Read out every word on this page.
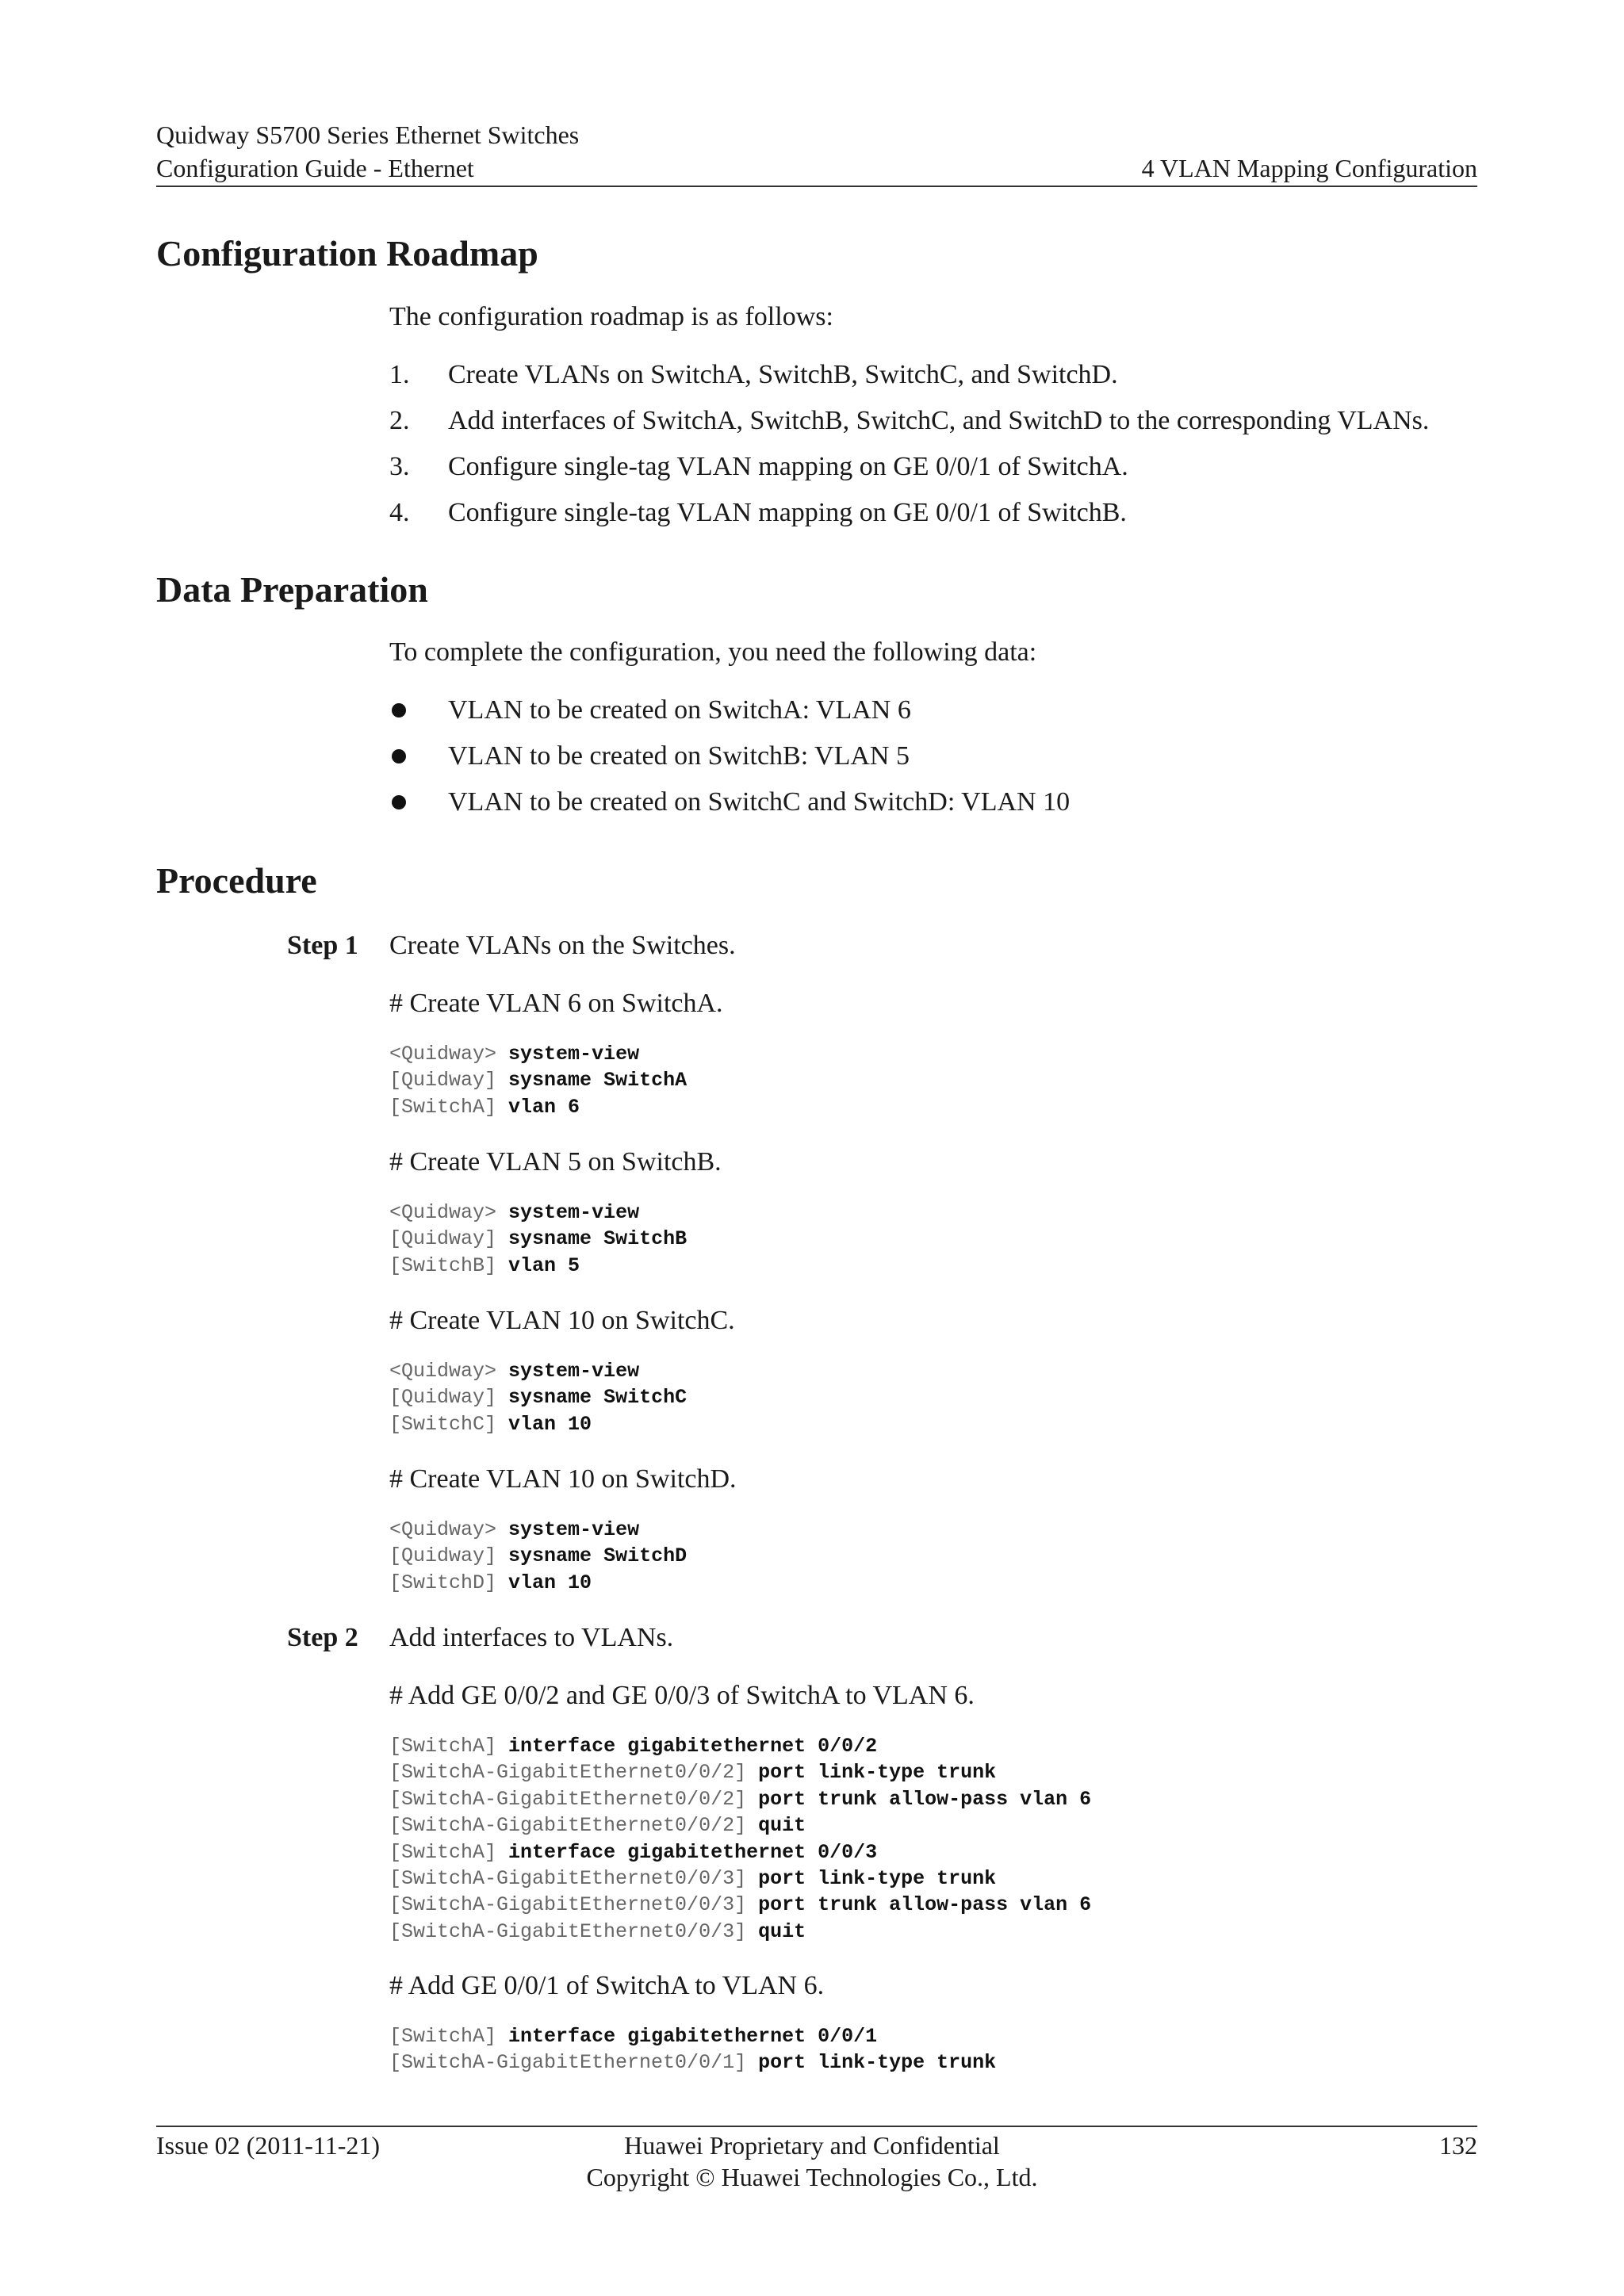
Quidway S5700 Series Ethernet Switches
Configuration Guide - Ethernet	4 VLAN Mapping Configuration
Configuration Roadmap
The configuration roadmap is as follows:
1.	Create VLANs on SwitchA, SwitchB, SwitchC, and SwitchD.
2.	Add interfaces of SwitchA, SwitchB, SwitchC, and SwitchD to the corresponding VLANs.
3.	Configure single-tag VLAN mapping on GE 0/0/1 of SwitchA.
4.	Configure single-tag VLAN mapping on GE 0/0/1 of SwitchB.
Data Preparation
To complete the configuration, you need the following data:
VLAN to be created on SwitchA: VLAN 6
VLAN to be created on SwitchB: VLAN 5
VLAN to be created on SwitchC and SwitchD: VLAN 10
Procedure
Step 1 Create VLANs on the Switches.
# Create VLAN 6 on SwitchA.
<Quidway> system-view
[Quidway] sysname SwitchA
[SwitchA] vlan 6
# Create VLAN 5 on SwitchB.
<Quidway> system-view
[Quidway] sysname SwitchB
[SwitchB] vlan 5
# Create VLAN 10 on SwitchC.
<Quidway> system-view
[Quidway] sysname SwitchC
[SwitchC] vlan 10
# Create VLAN 10 on SwitchD.
<Quidway> system-view
[Quidway] sysname SwitchD
[SwitchD] vlan 10
Step 2 Add interfaces to VLANs.
# Add GE 0/0/2 and GE 0/0/3 of SwitchA to VLAN 6.
[SwitchA] interface gigabitethernet 0/0/2
[SwitchA-GigabitEthernet0/0/2] port link-type trunk
[SwitchA-GigabitEthernet0/0/2] port trunk allow-pass vlan 6
[SwitchA-GigabitEthernet0/0/2] quit
[SwitchA] interface gigabitethernet 0/0/3
[SwitchA-GigabitEthernet0/0/3] port link-type trunk
[SwitchA-GigabitEthernet0/0/3] port trunk allow-pass vlan 6
[SwitchA-GigabitEthernet0/0/3] quit
# Add GE 0/0/1 of SwitchA to VLAN 6.
[SwitchA] interface gigabitethernet 0/0/1
[SwitchA-GigabitEthernet0/0/1] port link-type trunk
Issue 02 (2011-11-21)	Huawei Proprietary and Confidential
Copyright © Huawei Technologies Co., Ltd.
132
